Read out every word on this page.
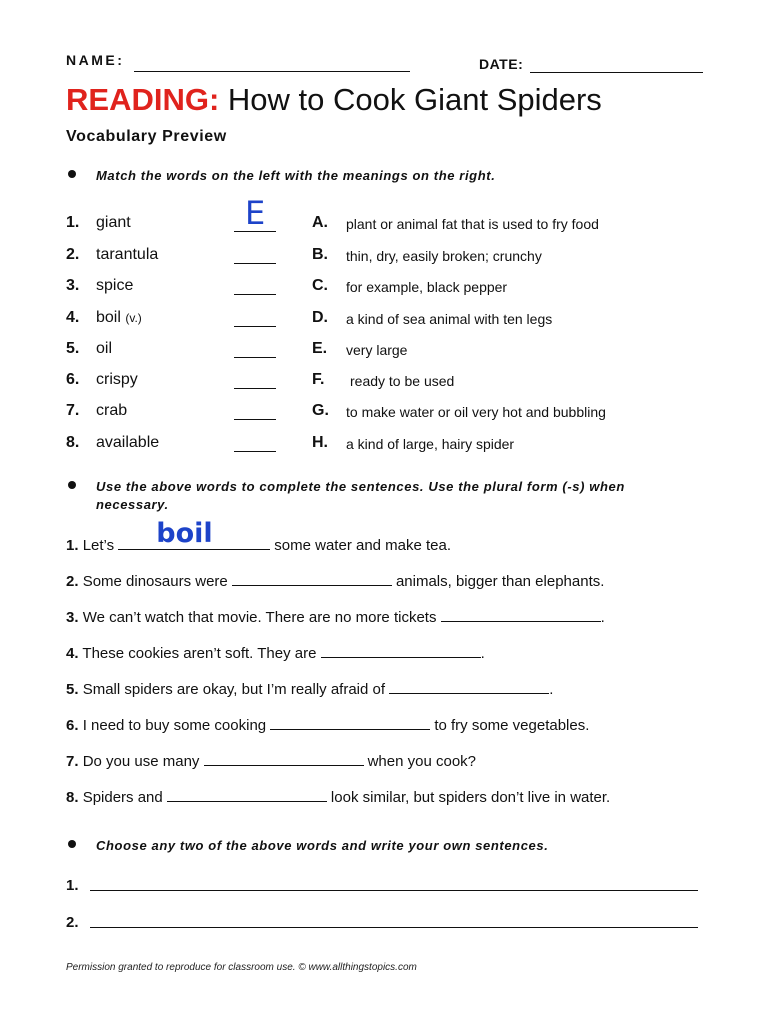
NAME:	DATE:
READING: How to Cook Giant Spiders
Vocabulary Preview
Match the words on the left with the meanings on the right.
1. giant	E	A. plant or animal fat that is used to fry food
2. tarantula	B. thin, dry, easily broken; crunchy
3. spice	C. for example, black pepper
4. boil (v.)	D. a kind of sea animal with ten legs
5. oil	E. very large
6. crispy	F. ready to be used
7. crab	G. to make water or oil very hot and bubbling
8. available	H. a kind of large, hairy spider
Use the above words to complete the sentences. Use the plural form (-s) when
necessary.
1. Let’s boil	some water and make tea.
2. Some dinosaurs were	animals, bigger than elephants.
3. We can’t watch that movie. There are no more tickets	.
4. These cookies aren’t soft. They are	.
5. Small spiders are okay, but I’m really afraid of	.
6. I need to buy some cooking	to fry some vegetables.
7. Do you use many	when you cook?
8. Spiders and	look similar, but spiders don’t live in water.
Choose any two of the above words and write your own sentences.
1.
2.
Permission granted to reproduce for classroom use. © www.allthingstopics.com
